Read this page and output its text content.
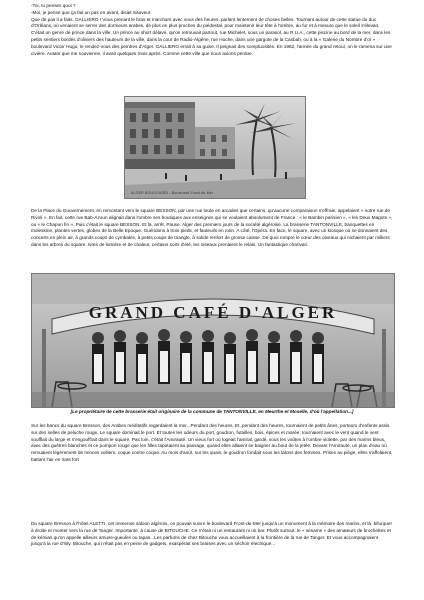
-Toi, tu penses quoi ?
-Moi, je pense que ça fait un pas en avant, disait Sauveur.
Que de pas il a faits, GALLIERO ! Vous prenant le bras et marchant avec vous des heures, parlant lentement de choses belles. Tournant autour de cette statue du duc d'Orléans, où venaient se serrer des dormeurs arabes, de plus en plus proches du piédestal, pour maintenir leur tête à l'ombre, au fur et à mesure que le soleil s'élevait. C'était un genre de prince dans la ville. Un prince au short délavé, qu'on retrouvait partout, rue Michelet, sous un parasol, au R.U.A., cette piscine au bord de la mer, dans les petits sentiers bordés d'oliviers des hauteurs de la ville, dans la cour de Radio-Algérie, rue Hoche, dans une gargote de la Casbah, ou à la « Galerie du Nombre d'or » boulevard Victor Hugo, le rendez-vous des peintres d'Alger. GALLIERO errait à sa guise. Il peignait des somptuosités. En 1962, l'année du grand retour, on le ramena sur une civière. Autant que me souvienne, il avait quelques mois après. Comme cette ville que nous avions perdue.

ALGER BOULEVARD - Boulevard Front-de-Mer

De la Place du Gouvernement, en remontant vers le square BESSON, par une rue toute en arcades que certains, qu'aucune comparaison n'effraie, appelaient « notre rue de Rivoli ». En fait, cette rue Bab-Azoun alignait dans l'ombre ses boutiques aux enseignes qui se voulaient absolument de France : « le Bambin parisien », « les Deux Magots », ou « le Chapon fin »..Puis c'était le square BESSON. Et là, arrêt. Pause. Alger des premiers jours de la société algéroise. La brasserie TANTONVILLE, banquettes en moleskine, plantes vertes, globes de la Belle Epoque. Guéridons à trois pieds, et fauteuils en rotin. A côté, l'Opéra. En face, le square, avec un kiosque où se donnaient des concerts en plein air, à grands coups de cymbales, à petits coups de triangle, à solide renfort de grosse caisse. De quoi rompre le cœur des oiseaux qui nichaient par milliers dans les arbres du square. Ivres de lumière et de chaleur, certains soirs d'été, les oiseaux prenaient le relais. Un fantastique charivari.

GRAND CAFÉ D'ALGER

[Le propriétaire de cette brasserie était originaire de la commune de TANTONVILLE, en Meurthe et Moselle, d'où l'appellation...]

Sur les bancs du square Bresson, des Arabes méditatifs regardaient la mer...Pendant des heures. Et, pendant des heures, tournaient de petits ânes, porteurs d'enfants assis sur des selles de peluche rouge. Le square dominait le port. Et toutes les odeurs du port, goudron, futailles, bois, épices et marée, tournaient avec le vent quand le vent soufflait du large et s'engouffrait dans le square. Pas loin, c'était l'Amirauté. Un vieux fort où logeait l'amiral, gardé, sous les voûtes à l'ombre violette, par des marins bleus, avec des guêtres blanches et ce pompon rouge que les filles tapotaient au passage, quand elles allaient se baigner au bout de la jetée. Devant l'Amirauté, un plan d'eau où remuaient légèrement de minces voiliers, coque contre coque. Au mois d'août, sur les quais, le goudron fondait sous les talons des femmes. Prises au piège, elles s'affolaient, battant l'air en riant fort

Du square Bresson à l'hôtel ALETTI, cet immense saloon algérois, on pouvait suivre le boulevard Front-de-Mer jusqu'à un monument à la mémoire des marins, et là, bifurquer à droite et monter vers la rue de Tanger. Importante, à cause de BITOUCHE. Ce n'était ni un restaurant ni un bar. Plutôt surtout, le « sésame » des amateurs de brochettes et de kémias qu'on appelle ailleurs amuse-gueules ou tapas...Les parfums de chez Bitouche vous accueillaient à la frontière de la rue de Tanger. Et vous accompagnaient jusqu'à la rue d'Isly. Bitouche, qui n'était pas en peine de gadgets, exaspérait ses braises avec un séchoir électrique...
